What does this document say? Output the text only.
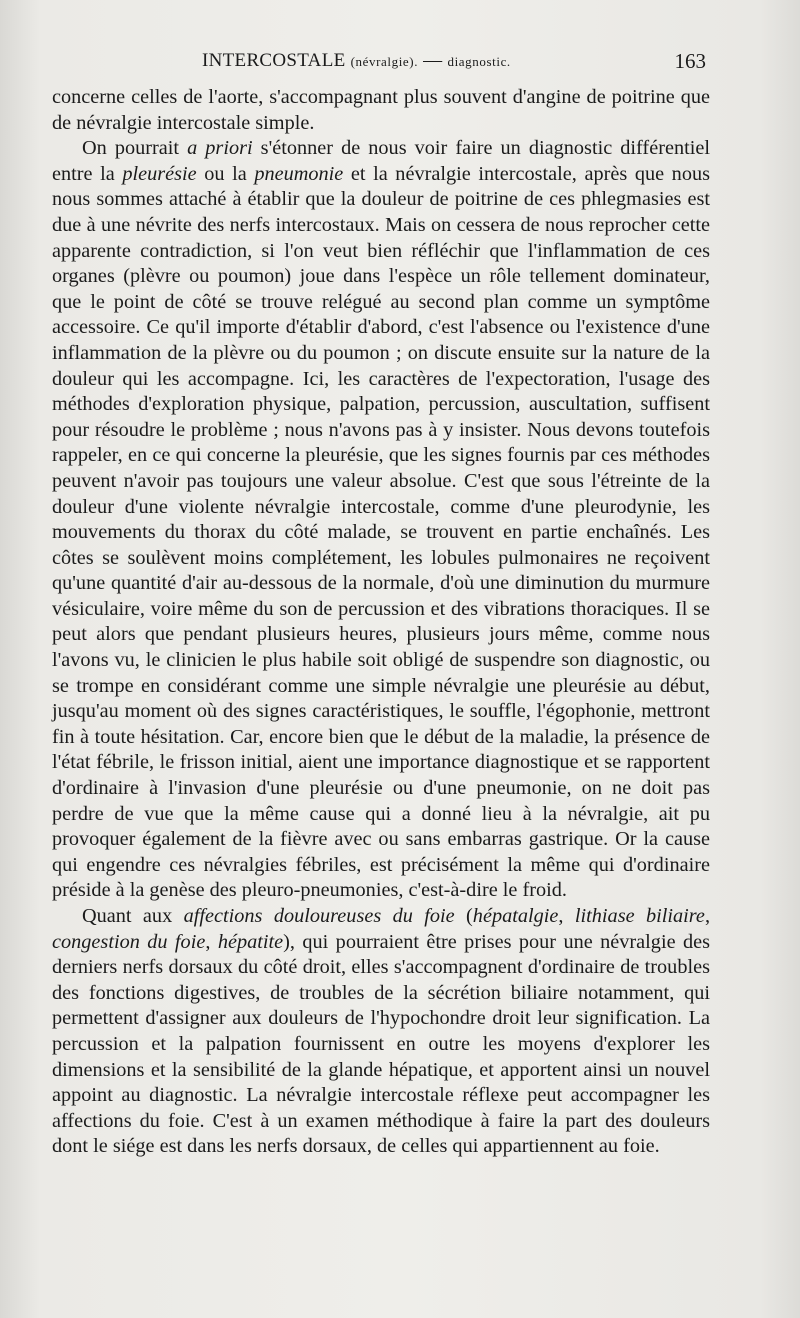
INTERCOSTALE (névralgie). — diagnostic.	163

concerne celles de l'aorte, s'accompagnant plus souvent d'angine de poitrine que de névralgie intercostale simple.

On pourrait a priori s'étonner de nous voir faire un diagnostic différentiel entre la pleurésie ou la pneumonie et la névralgie intercostale, après que nous nous sommes attaché à établir que la douleur de poitrine de ces phlegmasies est due à une névrite des nerfs intercostaux. Mais on cessera de nous reprocher cette apparente contradiction, si l'on veut bien réfléchir que l'inflammation de ces organes (plèvre ou poumon) joue dans l'espèce un rôle tellement dominateur, que le point de côté se trouve relégué au second plan comme un symptôme accessoire. Ce qu'il importe d'établir d'abord, c'est l'absence ou l'existence d'une inflammation de la plèvre ou du poumon ; on discute ensuite sur la nature de la douleur qui les accompagne. Ici, les caractères de l'expectoration, l'usage des méthodes d'exploration physique, palpation, percussion, auscultation, suffisent pour résoudre le problème ; nous n'avons pas à y insister. Nous devons toutefois rappeler, en ce qui concerne la pleurésie, que les signes fournis par ces méthodes peuvent n'avoir pas toujours une valeur absolue. C'est que sous l'étreinte de la douleur d'une violente névralgie intercostale, comme d'une pleurodynie, les mouvements du thorax du côté malade, se trouvent en partie enchaînés. Les côtes se soulèvent moins complétement, les lobules pulmonaires ne reçoivent qu'une quantité d'air au-dessous de la normale, d'où une diminution du murmure vésiculaire, voire même du son de percussion et des vibrations thoraciques. Il se peut alors que pendant plusieurs heures, plusieurs jours même, comme nous l'avons vu, le clinicien le plus habile soit obligé de suspendre son diagnostic, ou se trompe en considérant comme une simple névralgie une pleurésie au début, jusqu'au moment où des signes caractéristiques, le souffle, l'égophonie, mettront fin à toute hésitation. Car, encore bien que le début de la maladie, la présence de l'état fébrile, le frisson initial, aient une importance diagnostique et se rapportent d'ordinaire à l'invasion d'une pleurésie ou d'une pneumonie, on ne doit pas perdre de vue que la même cause qui a donné lieu à la névralgie, ait pu provoquer également de la fièvre avec ou sans embarras gastrique. Or la cause qui engendre ces névralgies fébriles, est précisément la même qui d'ordinaire préside à la genèse des pleuro-pneumonies, c'est-à-dire le froid.

Quant aux affections douloureuses du foie (hépatalgie, lithiase biliaire, congestion du foie, hépatite), qui pourraient être prises pour une névralgie des derniers nerfs dorsaux du côté droit, elles s'accompagnent d'ordinaire de troubles des fonctions digestives, de troubles de la sécrétion biliaire notamment, qui permettent d'assigner aux douleurs de l'hypochondre droit leur signification. La percussion et la palpation fournissent en outre les moyens d'explorer les dimensions et la sensibilité de la glande hépatique, et apportent ainsi un nouvel appoint au diagnostic. La névralgie intercostale réflexe peut accompagner les affections du foie. C'est à un examen méthodique à faire la part des douleurs dont le siége est dans les nerfs dorsaux, de celles qui appartiennent au foie.
